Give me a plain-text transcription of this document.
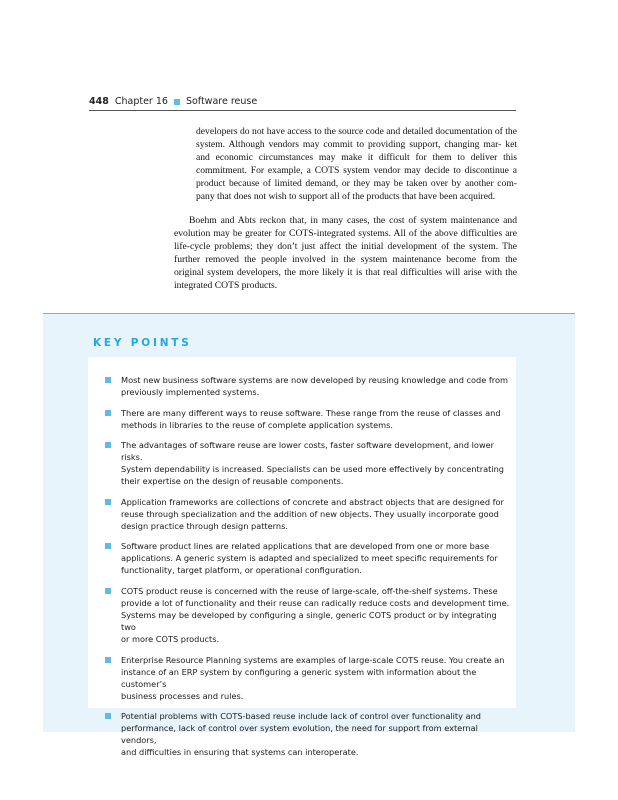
448 Chapter 16 Software reuse
developers do not have access to the source code and detailed documentation of the system. Although vendors may commit to providing support, changing mar- ket and economic circumstances may make it difficult for them to deliver this commitment. For example, a COTS system vendor may decide to discontinue a product because of limited demand, or they may be taken over by another com- pany that does not wish to support all of the products that have been acquired.
Boehm and Abts reckon that, in many cases, the cost of system maintenance and evolution may be greater for COTS-integrated systems. All of the above difficulties are life-cycle problems; they don’t just affect the initial development of the system. The further removed the people involved in the system maintenance become from the original system developers, the more likely it is that real difficulties will arise with the integrated COTS products.
KEY POINTS
Most new business software systems are now developed by reusing knowledge and code from
previously implemented systems.
There are many different ways to reuse software. These range from the reuse of classes and
methods in libraries to the reuse of complete application systems.
The advantages of software reuse are lower costs, faster software development, and lower risks.
System dependability is increased. Specialists can be used more effectively by concentrating
their expertise on the design of reusable components.
Application frameworks are collections of concrete and abstract objects that are designed for
reuse through specialization and the addition of new objects. They usually incorporate good
design practice through design patterns.
Software product lines are related applications that are developed from one or more base
applications. A generic system is adapted and specialized to meet specific requirements for
functionality, target platform, or operational configuration.
COTS product reuse is concerned with the reuse of large-scale, off-the-shelf systems. These
provide a lot of functionality and their reuse can radically reduce costs and development time.
Systems may be developed by configuring a single, generic COTS product or by integrating two
or more COTS products.
Enterprise Resource Planning systems are examples of large-scale COTS reuse. You create an
instance of an ERP system by configuring a generic system with information about the customer’s
business processes and rules.
Potential problems with COTS-based reuse include lack of control over functionality and
performance, lack of control over system evolution, the need for support from external vendors,
and difficulties in ensuring that systems can interoperate.
